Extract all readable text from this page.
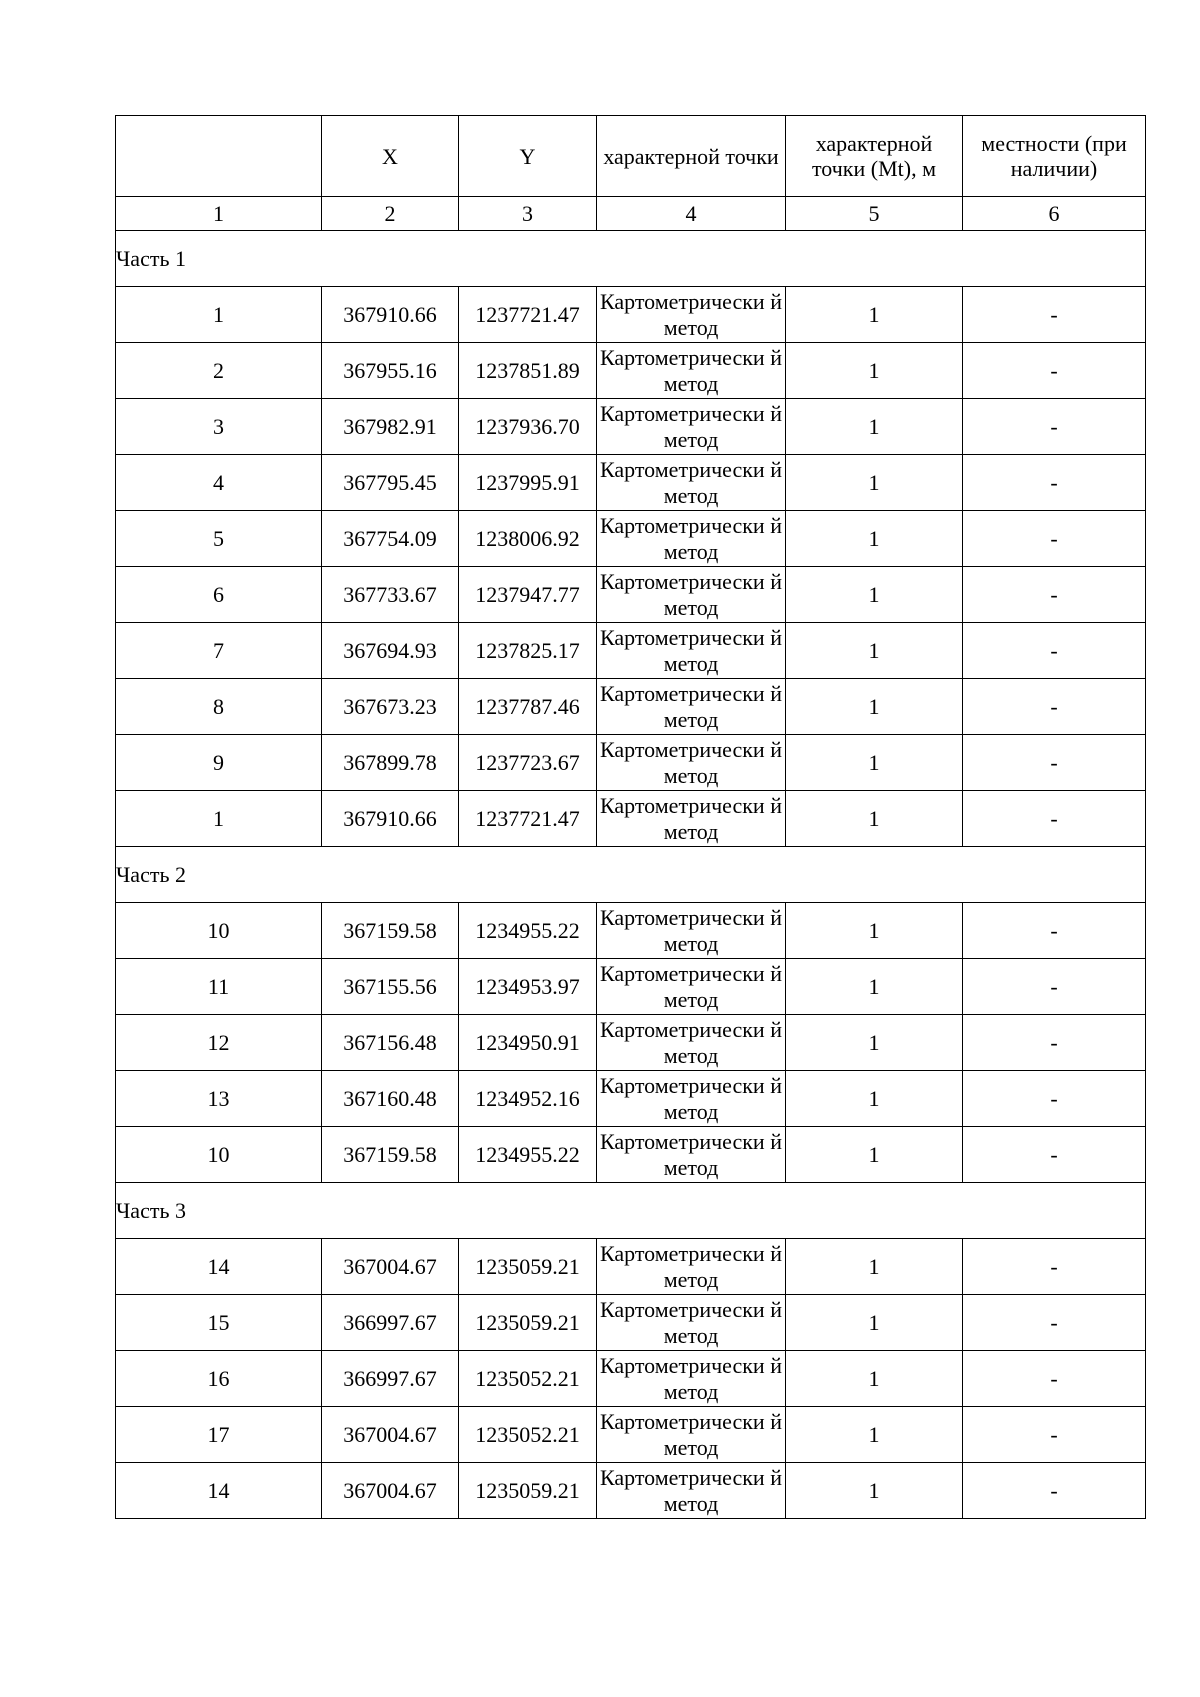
	X	Y	характерной точки	характерной точки (Mt), м	местности (при наличии)
1	2	3	4	5	6
Часть 1					
1	367910.66	1237721.47	Картометрически й метод	1	-
2	367955.16	1237851.89	Картометрически й метод	1	-
3	367982.91	1237936.70	Картометрически й метод	1	-
4	367795.45	1237995.91	Картометрически й метод	1	-
5	367754.09	1238006.92	Картометрически й метод	1	-
6	367733.67	1237947.77	Картометрически й метод	1	-
7	367694.93	1237825.17	Картометрически й метод	1	-
8	367673.23	1237787.46	Картометрически й метод	1	-
9	367899.78	1237723.67	Картометрически й метод	1	-
1	367910.66	1237721.47	Картометрически й метод	1	-
Часть 2					
10	367159.58	1234955.22	Картометрически й метод	1	-
11	367155.56	1234953.97	Картометрически й метод	1	-
12	367156.48	1234950.91	Картометрически й метод	1	-
13	367160.48	1234952.16	Картометрически й метод	1	-
10	367159.58	1234955.22	Картометрически й метод	1	-
Часть 3					
14	367004.67	1235059.21	Картометрически й метод	1	-
15	366997.67	1235059.21	Картометрически й метод	1	-
16	366997.67	1235052.21	Картометрически й метод	1	-
17	367004.67	1235052.21	Картометрически й метод	1	-
14	367004.67	1235059.21	Картометрически й метод	1	-
